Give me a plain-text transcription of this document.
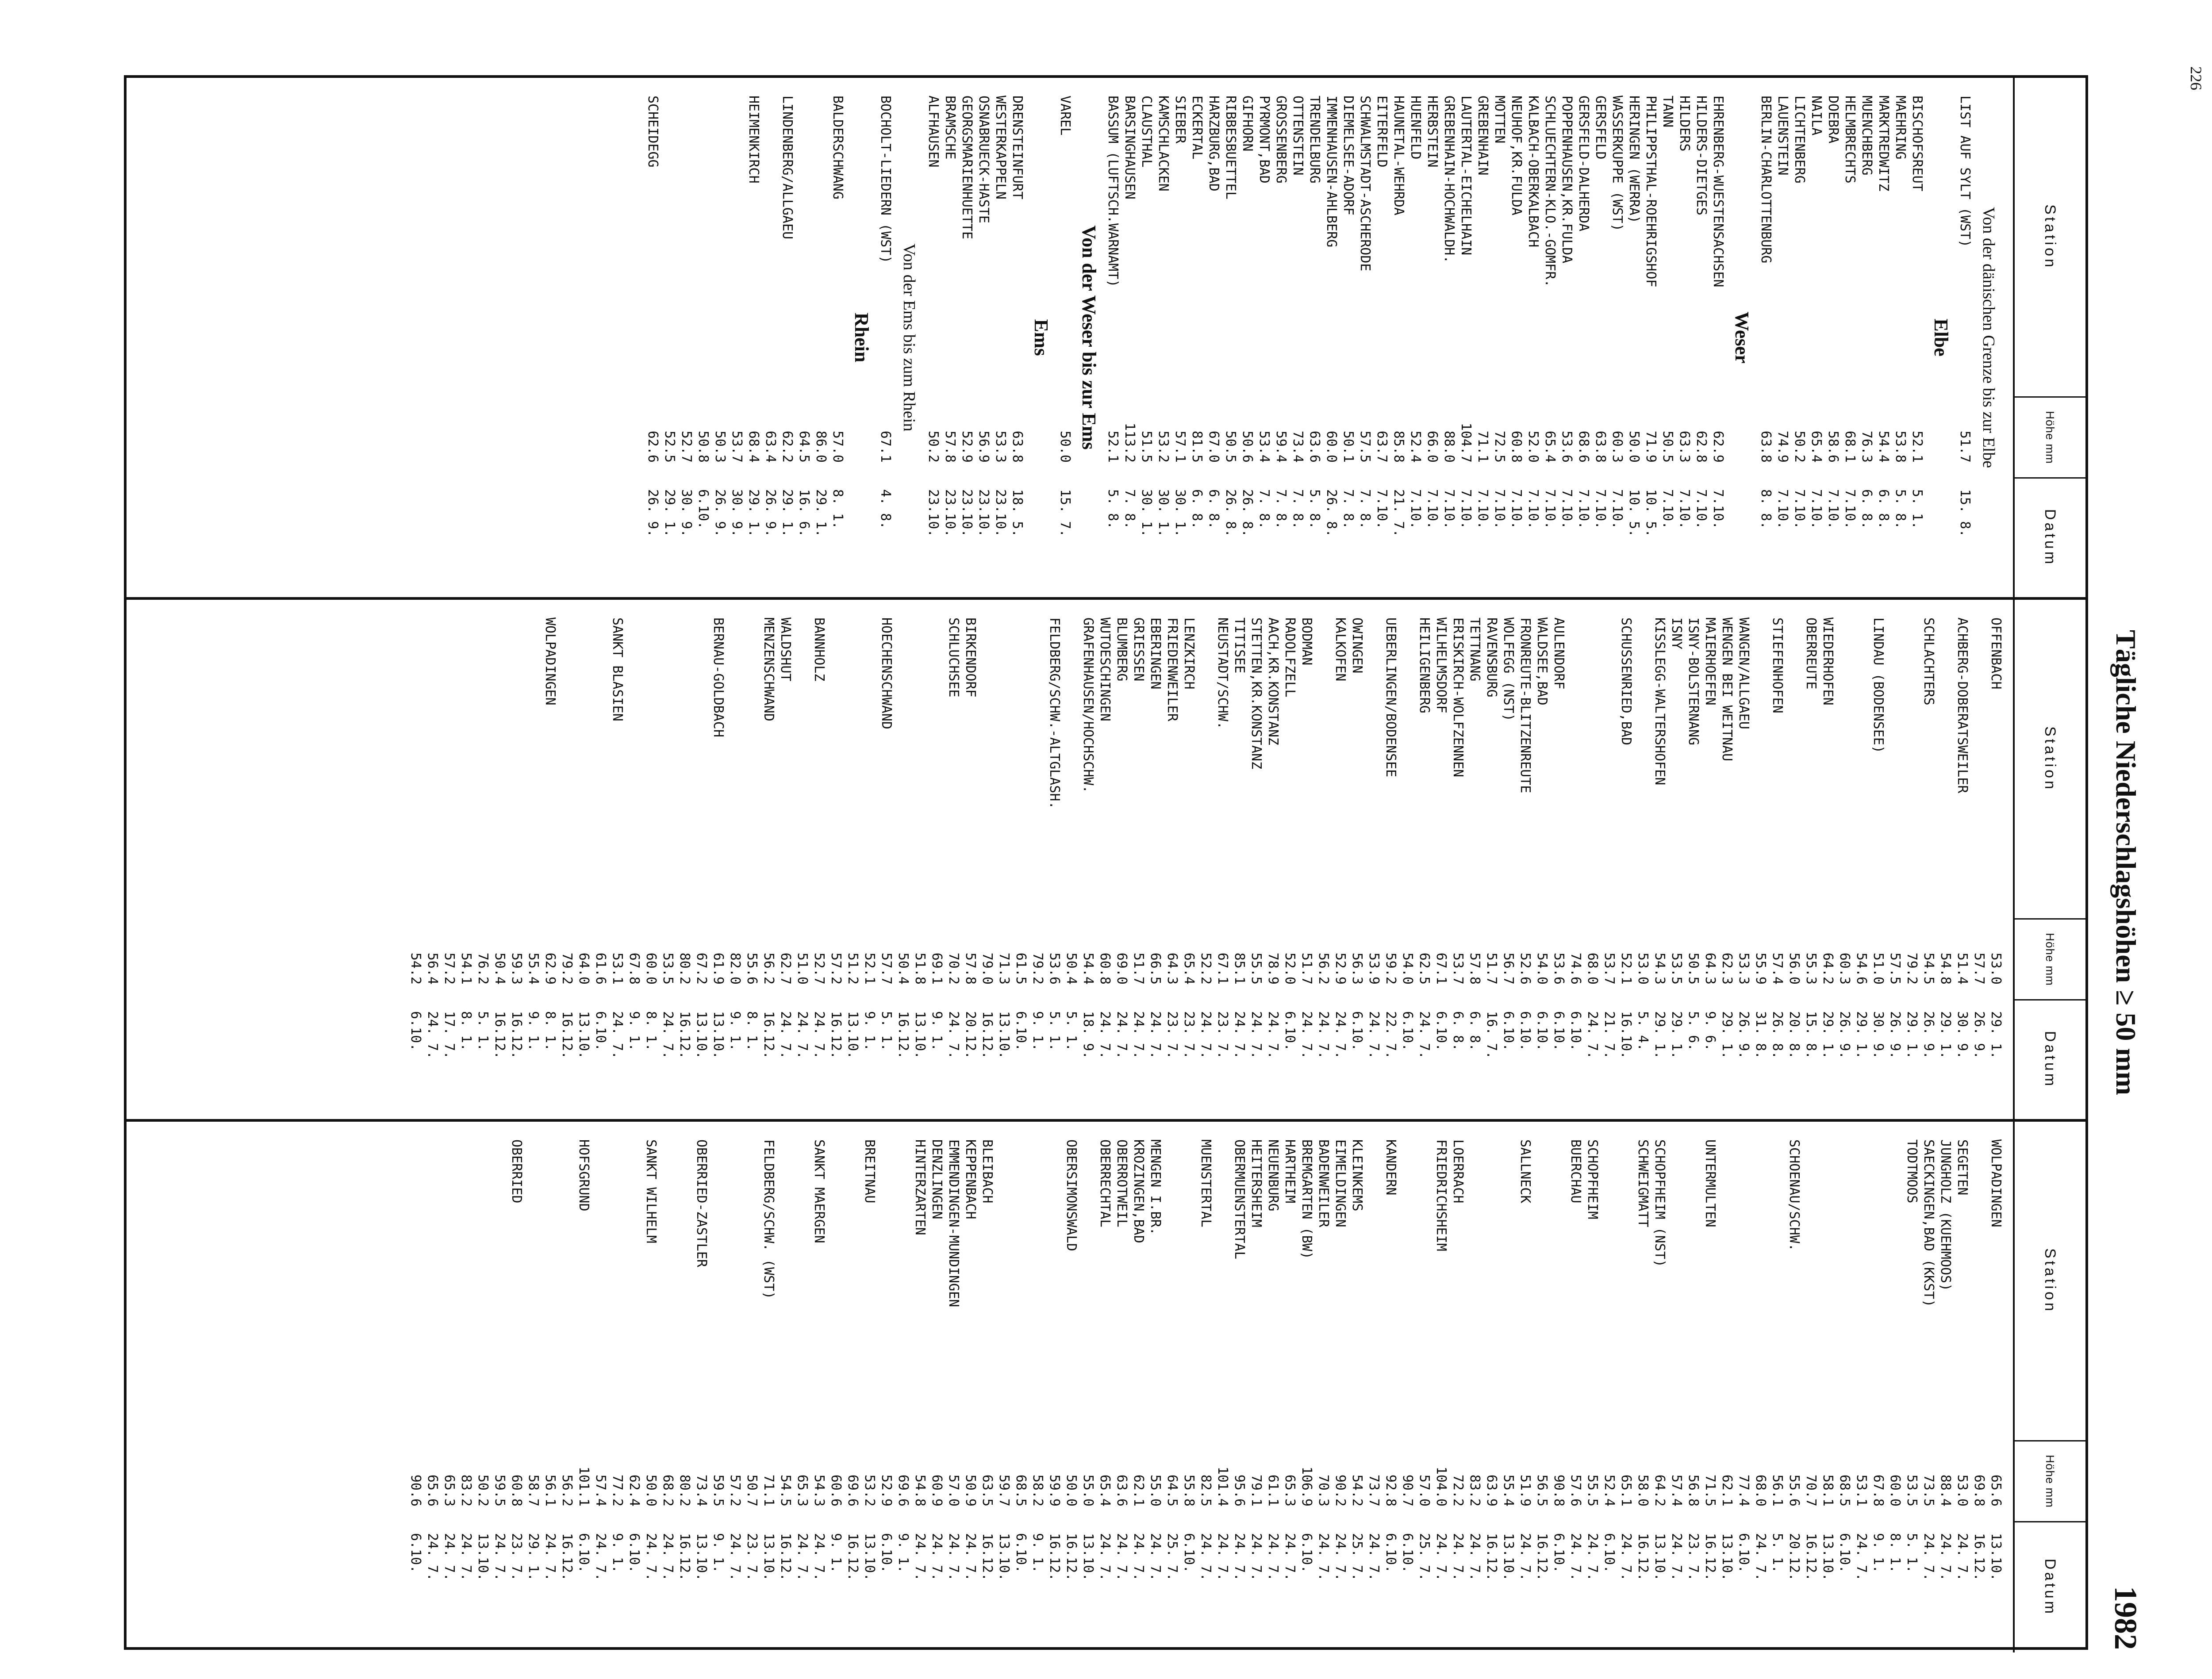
226
Tägliche Niederschlagshöhen ≥ 50 mm
1982
Station
Höhe mm
Datum
Von der dänischen Grenze bis zur Elbe
LIST AUF SYLT (WST)
51.7
15. 8.
Elbe
BISCHOFSREUT
52.1
5. 1.
MAEHRING
53.8
5. 8.
MARKTREDWITZ
54.4
6. 8.
MUENCHBERG
76.3
6. 8.
HELMBRECHTS
68.1
7.10.
DOEBRA
58.6
7.10.
NAILA
65.4
7.10.
LICHTENBERG
50.2
7.10.
LAUENSTEIN
74.9
7.10.
BERLIN-CHARLOTTENBURG
63.8
8. 8.
Weser
EHRENBERG-WUESTENSACHSEN
62.9
7.10.
HILDERS-DIETGES
62.8
7.10.
HILDERS
63.3
7.10.
TANN
50.5
7.10.
PHILIPPSTHAL-ROEHRIGSHOF
71.9
10. 5.
HERINGEN (WERRA)
50.0
10. 5.
WASSERKUPPE (WST)
60.3
7.10.
GERSFELD
63.8
7.10.
GERSFELD-DALHERDA
68.6
7.10.
POPPENHAUSEN,KR.FULDA
53.6
7.10.
SCHLUECHTERN-KLO.-GOMFR.
65.4
7.10.
KALBACH-OBERKALBACH
52.0
7.10.
NEUHOF,KR.FULDA
60.8
7.10.
MOTTEN
72.5
7.10.
GREBENHAIN
71.1
7.10.
LAUTERTAL-EICHELHAIN
104.7
7.10.
GREBENHAIN-HOCHWALDH.
88.0
7.10.
HERBSTEIN
66.0
7.10.
HUENFELD
52.4
7.10.
HAUNETAL-WEHRDA
85.8
21. 7.
EITERFELD
63.7
7.10.
SCHWALMSTADT-ASCHERODE
57.5
7. 8.
DIEMELSEE-ADORF
50.1
7. 8.
IMMENHAUSEN-AHLBERG
60.0
26. 8.
TRENDELBURG
63.6
5. 8.
OTTENSTEIN
73.4
7. 8.
GROSSENBERG
59.4
7. 8.
PYRMONT,BAD
53.4
7. 8.
GIFHORN
50.6
26. 8.
RIBBESBUETTEL
50.5
26. 8.
HARZBURG,BAD
67.0
6. 8.
ECKERTAL
81.5
6. 8.
SIEBER
57.1
30. 1.
KAMSCHLACKEN
53.2
30. 1.
CLAUSTHAL
51.5
30. 1.
BARSINGHAUSEN
113.2
7. 8.
BASSUM (LUFTSCH.WARNAMT)
52.1
5. 8.
Von der Weser bis zur Ems
VAREL
50.0
15. 7.
Ems
DRENSTEINFURT
63.8
18. 5.
WESTERKAPPELN
53.3
23.10.
OSNABRUECK-HASTE
56.9
23.10.
GEORGSMARIENHUETTE
52.9
23.10.
BRAMSCHE
57.8
23.10.
ALFHAUSEN
50.2
23.10.
Von der Ems bis zum Rhein
BOCHOLT-LIEDERN (WST)
67.1
4. 8.
Rhein
BALDERSCHWANG
57.0
8. 1.
86.0
29. 1.
64.5
16. 6.
LINDENBERG/ALLGAEU
62.2
29. 1.
63.4
26. 9.
HEIMENKIRCH
68.4
29. 1.
53.7
30. 9.
50.3
26. 9.
50.8
6.10.
52.7
30. 9.
52.5
29. 1.
SCHEIDEGG
62.6
26. 9.
Station
Höhe mm
Datum
OFFENBACH
53.0
29. 1.
57.7
26. 9.
ACHBERG-DOBERATSWEILER
51.4
30. 9.
54.8
29. 1.
SCHLACHTERS
54.5
26. 9.
79.2
29. 1.
57.5
26. 9.
LINDAU (BODENSEE)
51.0
30. 9.
54.6
29. 1.
60.3
26. 9.
WIEDERHOFEN
64.2
29. 1.
OBERREUTE
55.3
15. 8.
56.0
20. 8.
STIEFENHOFEN
57.4
26. 8.
55.9
31. 8.
WANGEN/ALLGAEU
53.3
26. 9.
WENGEN BEI WEITNAU
62.3
29. 1.
MAIERHOEFEN
64.3
9. 6.
ISNY-BOLSTERNANG
50.5
5. 6.
ISNY
53.5
29. 1.
KISSLEGG-WALTERSHOFEN
54.3
29. 1.
53.0
5. 4.
SCHUSSENRIED,BAD
52.1
16.10.
53.7
21. 7.
68.0
24. 7.
74.6
6.10.
AULENDORF
53.6
6.10.
WALDSEE,BAD
54.0
6.10.
FRONREUTE-BLITZENREUTE
52.6
6.10.
WOLFEGG (NST)
56.7
6.10.
RAVENSBURG
51.7
16. 7.
TETTNANG
57.8
6. 8.
ERISKIRCH-WOLFZENNEN
53.7
6. 8.
WILHELMSDORF
67.1
6.10.
HEILIGENBERG
62.5
24. 7.
54.0
6.10.
UEBERLINGEN/BODENSEE
59.2
22. 7.
53.9
24. 7.
OWINGEN
56.3
6.10.
KALKOFEN
52.9
24. 7.
56.2
24. 7.
BODMAN
51.7
24. 7.
RADOLFZELL
52.0
6.10.
AACH,KR.KONSTANZ
78.9
24. 7.
STETTEN,KR.KONSTANZ
55.5
24. 7.
TITISEE
85.1
24. 7.
NEUSTADT/SCHW.
67.1
23. 7.
52.2
24. 7.
LENZKIRCH
65.4
23. 7.
FRIEDENWEILER
64.3
23. 7.
EBERINGEN
66.5
24. 7.
GRIESSEN
51.7
24. 7.
BLUMBERG
69.0
24. 7.
WUTOESCHINGEN
60.8
24. 7.
GRAFENHAUSEN/HOCHSCHW.
54.4
18. 9.
50.4
5. 1.
FELDBERG/SCHW.-ALTGLASH.
53.6
5. 1.
79.2
9. 1.
61.5
6.10.
71.3
13.10.
79.0
16.12.
BIRKENDORF
57.8
20.12.
SCHLUCHSEE
70.2
24. 7.
69.1
9. 1.
51.8
13.10.
50.4
16.12.
HOECHENSCHWAND
57.7
5. 1.
52.1
9. 1.
51.2
13.10.
57.2
16.12.
BANNHOLZ
52.7
24. 7.
51.0
24. 7.
WALDSHUT
62.7
24. 7.
MENZENSCHWAND
56.2
16.12.
55.6
8. 1.
82.0
9. 1.
BERNAU-GOLDBACH
61.9
13.10.
67.2
13.10.
80.2
16.12.
53.5
24. 7.
60.0
8. 1.
67.8
9. 1.
SANKT BLASIEN
53.1
24. 7.
61.6
6.10.
64.0
13.10.
79.2
16.12.
WOLPADINGEN
62.9
8. 1.
55.4
9. 1.
59.3
16.12.
50.4
16.12.
76.2
5. 1.
54.1
8. 1.
57.2
17. 7.
56.4
24. 7.
54.2
6.10.
Station
Höhe mm
Datum
WOLPADINGEN
65.6
13.10.
69.8
16.12.
SEGETEN
53.0
24. 7.
JUNGHOLZ (KUEHMOOS)
88.4
24. 7.
SAECKINGEN,BAD (KKST)
73.5
24. 7.
TODTMOOS
53.5
5. 1.
60.0
8. 1.
67.8
9. 1.
53.1
24. 7.
68.5
6.10.
58.1
13.10.
70.7
16.12.
SCHOENAU/SCHW.
55.6
20.12.
56.1
5. 1.
68.0
24. 7.
77.4
6.10.
62.1
13.10.
UNTERMULTEN
71.5
16.12.
56.8
23. 7.
57.4
24. 7.
SCHOPFHEIM (NST)
64.2
13.10.
SCHWEIGMATT
58.0
16.12.
65.1
24. 7.
52.4
6.10.
SCHOPFHEIM
55.5
24. 7.
BUERCHAU
57.6
24. 7.
90.8
6.10.
56.5
16.12.
SALLNECK
51.9
24. 7.
55.4
13.10.
63.9
16.12.
83.2
24. 7.
LOERRACH
72.2
24. 7.
FRIEDRICHSHEIM
104.0
24. 7.
57.0
25. 7.
90.7
6.10.
KANDERN
92.8
6.10.
73.7
24. 7.
KLEINKEMS
54.2
25. 7.
EIMELDINGEN
90.2
24. 7.
BADENWEILER
70.3
24. 7.
BREMGARTEN (BW)
106.9
6.10.
HARTHEIM
65.3
24. 7.
NEUENBURG
61.1
24. 7.
HEITERSHEIM
79.1
24. 7.
OBERMUENSTERTAL
95.6
24. 7.
101.4
24. 7.
MUENSTERTAL
82.5
24. 7.
55.8
6.10.
64.5
25. 7.
MENGEN I.BR.
55.0
24. 7.
KROZINGEN,BAD
62.1
24. 7.
OBERROTWEIL
63.6
24. 7.
OBERRECHTAL
65.4
24. 7.
55.0
13.10.
OBERSIMONSWALD
50.0
16.12.
59.9
16.12.
58.2
9. 1.
68.5
6.10.
59.7
13.10.
BLEIBACH
63.5
16.12.
KEPPENBACH
50.9
24. 7.
EMMENDINGEN-MUNDINGEN
57.0
24. 7.
DENZLINGEN
60.9
24. 7.
HINTERZARTEN
54.8
24. 7.
69.6
9. 1.
52.9
6.10.
BREITNAU
53.2
13.10.
69.6
16.12.
60.6
9. 1.
SANKT MAERGEN
54.3
24. 7.
65.3
24. 7.
54.5
16.12.
FELDBERG/SCHW. (WST)
71.1
13.10.
50.7
23. 7.
57.2
24. 7.
59.5
9. 1.
OBERRIED-ZASTLER
73.4
13.10.
80.2
16.12.
68.2
24. 7.
SANKT WILHELM
50.0
24. 7.
62.4
6.10.
77.2
9. 1.
57.4
24. 7.
HOFSGRUND
101.1
6.10.
56.2
16.12.
56.1
24. 7.
58.7
29. 1.
OBERRIED
60.8
23. 7.
59.5
24. 7.
50.2
13.10.
83.2
24. 7.
65.3
24. 7.
65.6
24. 7.
90.6
6.10.
